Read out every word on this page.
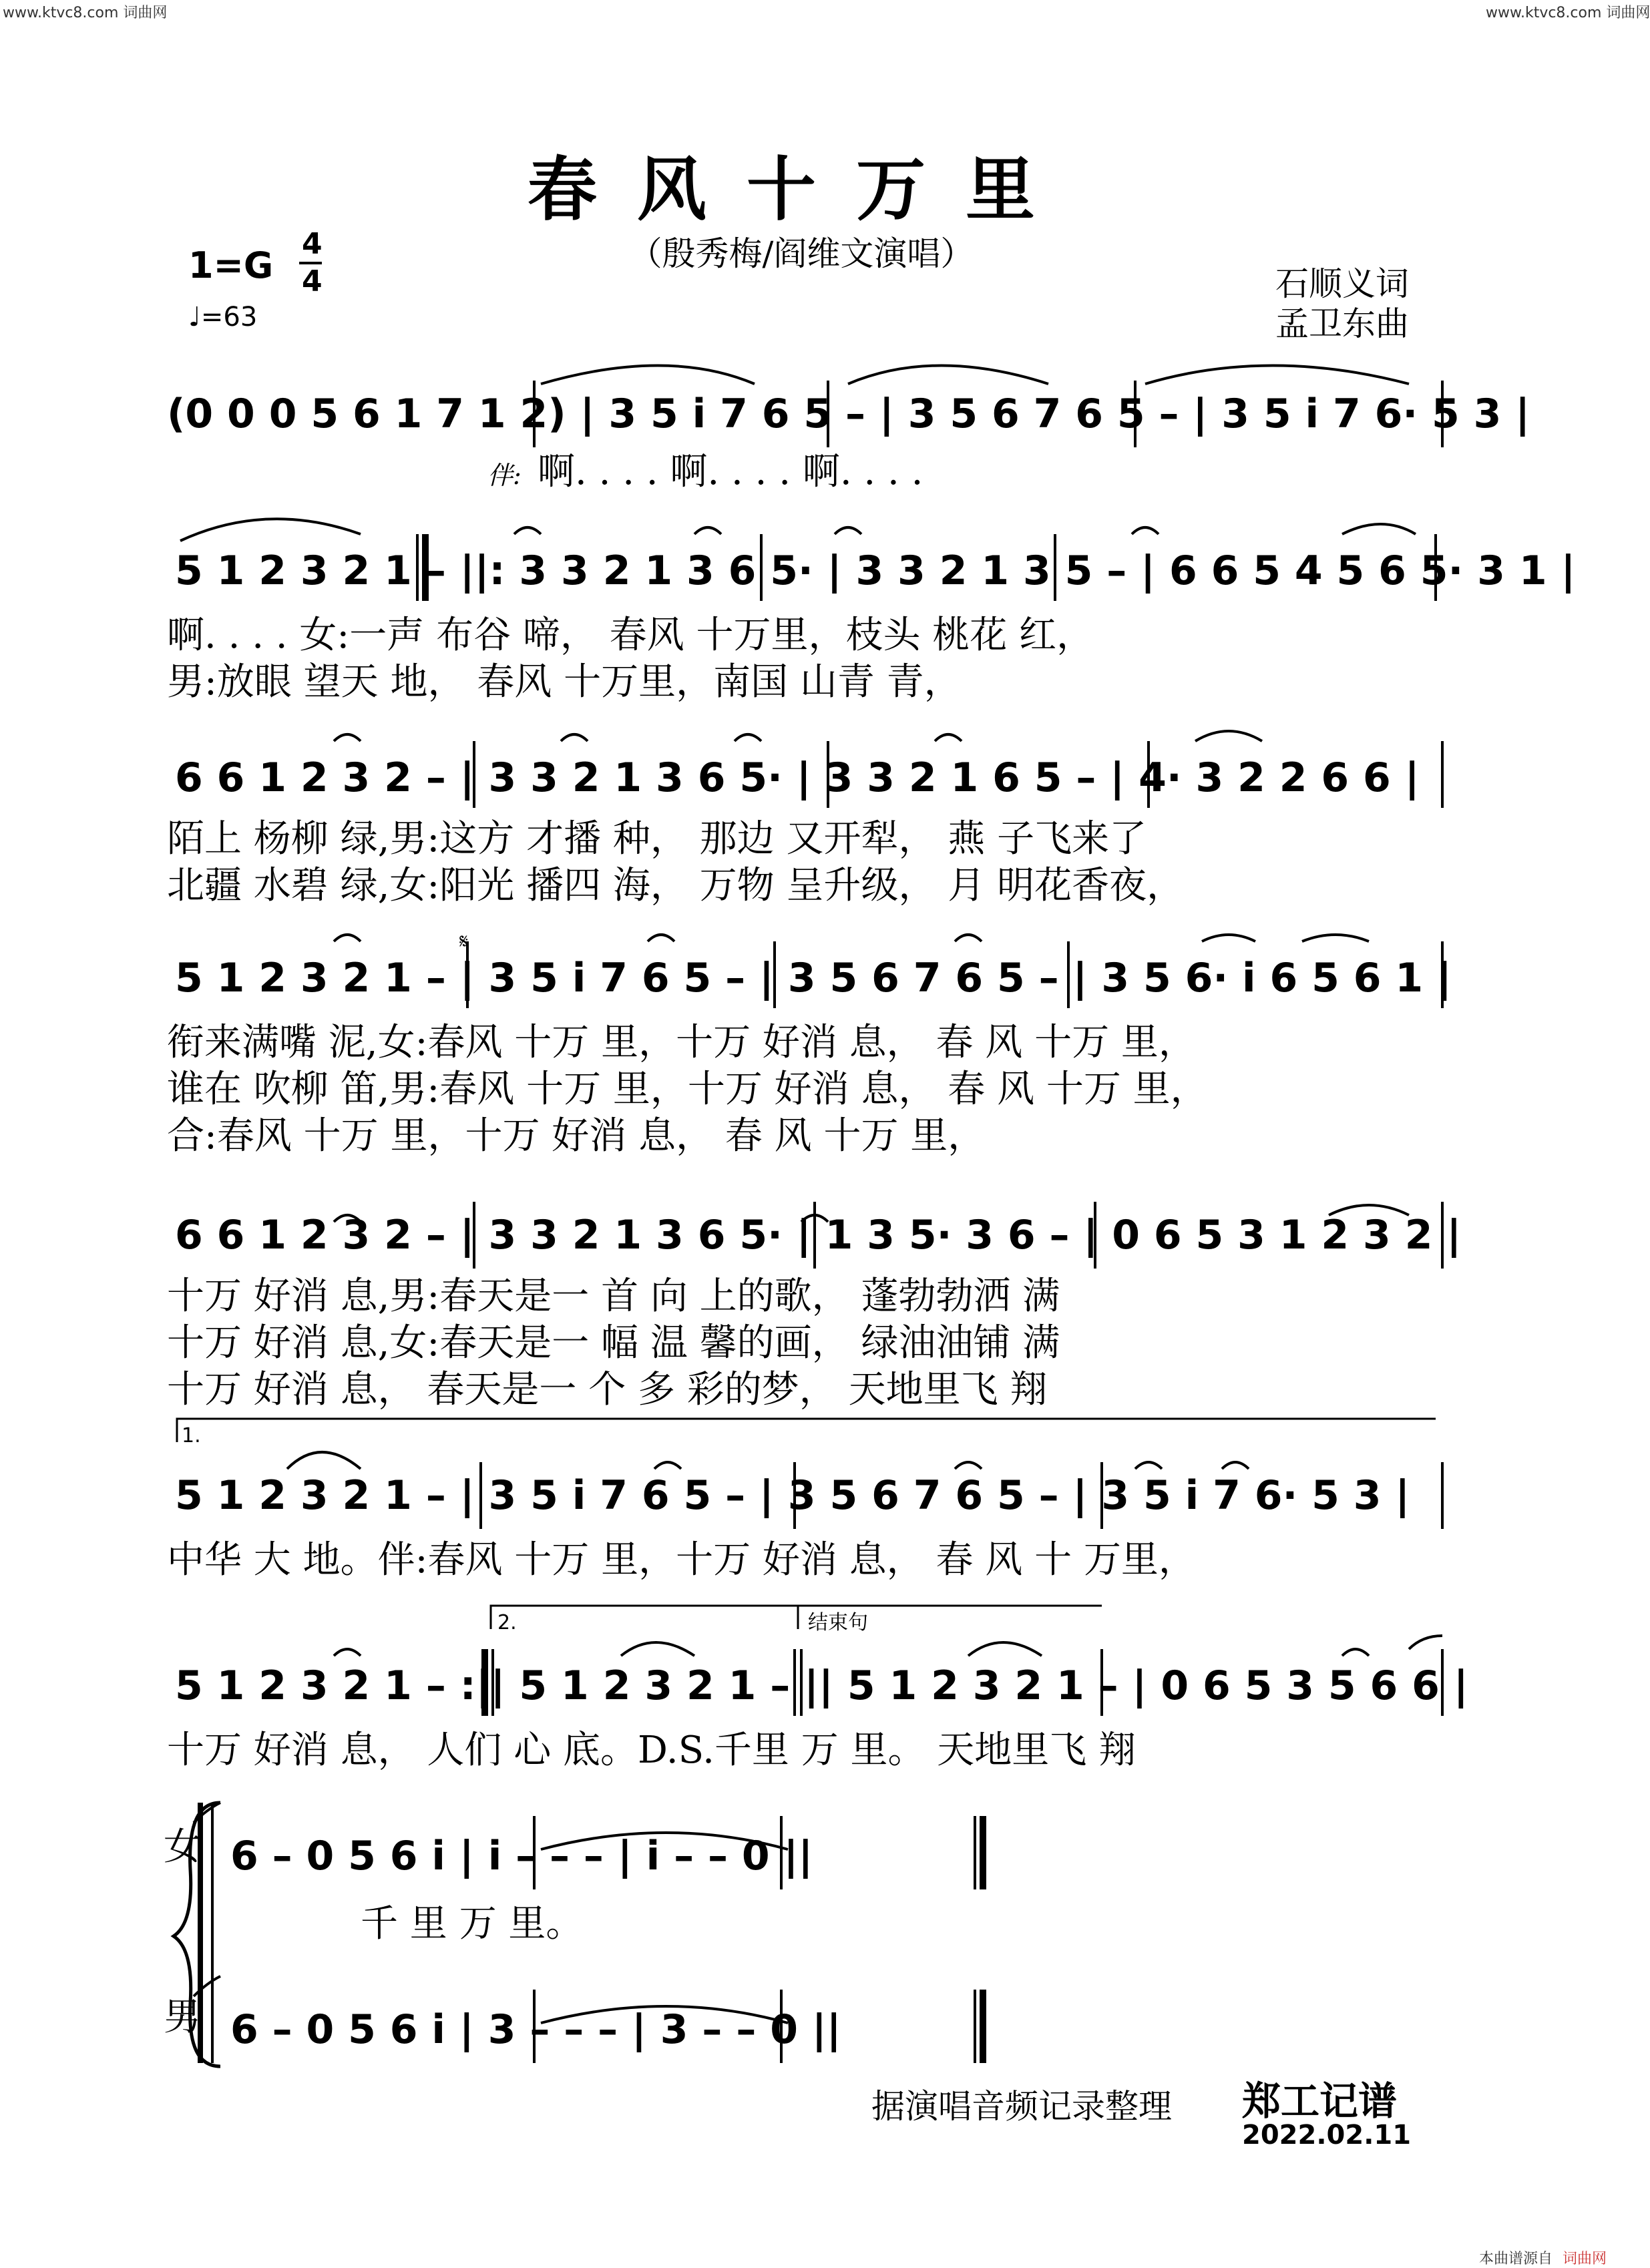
www.ktvc8.com 词曲网	www.ktvc8.com 词曲网
本曲谱源自 词曲网
春风十万里
（殷秀梅/阎维文演唱）
1=G
4
4
♩=63
石顺义词
孟卫东曲
(0 0 0 5 6 1 7 1 2) | 3 5 i 7 6 5 – | 3 5 6 7 6 5 – | 3 5 i 7 6· 5 3 |
伴: 啊. . . . 啊. . . . 啊. . . .
5 1 2 3 2 1 – ||: 3 3 2 1 3 6 5· | 3 3 2 1 3 5 – | 6 6 5 4 5 6 5· 3 1 |
啊. . . . 女:一声 布谷 啼， 春风 十万里，枝头 桃花 红，
男:放眼 望天 地， 春风 十万里，南国 山青 青，
6 6 1 2 3 2 – | 3 3 2 1 3 6 5· | 3 3 2 1 6 5 – | 4· 3 2 2 6 6 |
陌上 杨柳 绿,男:这方 才播 种， 那边 又开犁， 燕 子飞来了
北疆 水碧 绿,女:阳光 播四 海， 万物 呈升级， 月 明花香夜，
𝄋
5 1 2 3 2 1 – | 3 5 i 7 6 5 – | 3 5 6 7 6 5 – | 3 5 6· i 6 5 6 1 |
衔来满嘴 泥,女:春风 十万 里，十万 好消 息， 春 风 十万 里，
谁在 吹柳 笛,男:春风 十万 里，十万 好消 息， 春 风 十万 里，
合:春风 十万 里，十万 好消 息， 春 风 十万 里，
6 6 1 2 3 2 – | 3 3 2 1 3 6 5· | 1 3 5· 3 6 – | 0 6 5 3 1 2 3 2 |
十万 好消 息,男:春天是一 首 向 上的歌， 蓬勃勃洒 满
十万 好消 息,女:春天是一 幅 温 馨的画， 绿油油铺 满
十万 好消 息， 春天是一 个 多 彩的梦， 天地里飞 翔
1.
5 1 2 3 2 1 – | 3 5 i 7 6 5 – | 3 5 6 7 6 5 – | 3 5 i 7 6· 5 3 |
中华 大 地。伴:春风 十万 里，十万 好消 息， 春 风 十 万里，
2.	结束句
5 1 2 3 2 1 – :|| 5 1 2 3 2 1 – || 5 1 2 3 2 1 – | 0 6 5 3 5 6 6 |
十万 好消 息， 人们 心 底。D.S.千里 万 里。 天地里飞 翔
女 6 – 0 5 6 i | i – – – | i – – 0 ||
千 里 万 里。
男 6 – 0 5 6 i | 3 – – – | 3 – – 0 ||
据演唱音频记录整理 郑工记谱
2022.02.11
